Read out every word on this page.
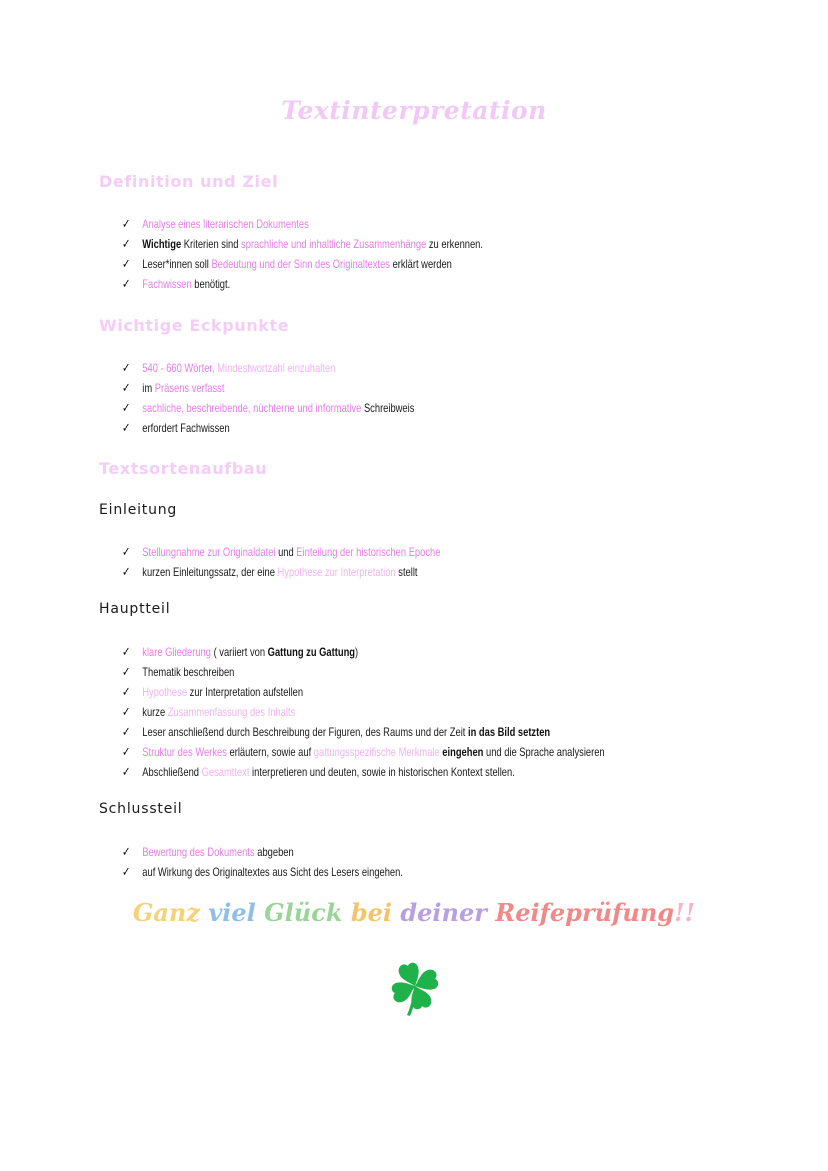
Textinterpretation
Definition und Ziel
✓ Analyse eines literarischen Dokumentes
✓ Wichtige Kriterien sind sprachliche und inhaltliche Zusammenhänge zu erkennen.
✓ Leser*innen soll Bedeutung und der Sinn des Originaltextes erklärt werden
✓ Fachwissen benötigt.
Wichtige Eckpunkte
✓ 540 - 660 Wörter, Mindestwortzahl einzuhalten
✓ im Präsens verfasst
✓ sachliche, beschreibende, nüchterne und informative Schreibweis
✓ erfordert Fachwissen
Textsortenaufbau
Einleitung
✓ Stellungnahme zur Originaldatei und Einteilung der historischen Epoche
✓ kurzen Einleitungssatz, der eine Hypothese zur Interpretation stellt
Hauptteil
✓ klare Gliederung ( variiert von Gattung zu Gattung)
✓ Thematik beschreiben
✓ Hypothese zur Interpretation aufstellen
✓ kurze Zusammenfassung des Inhalts
✓ Leser anschließend durch Beschreibung der Figuren, des Raums und der Zeit in das Bild setzten
✓ Struktur des Werkes erläutern, sowie auf gattungsspezifische Merkmale eingehen und die Sprache analysieren
✓ Abschließend Gesamttext interpretieren und deuten, sowie in historischen Kontext stellen.
Schlussteil
✓ Bewertung des Dokuments abgeben
✓ auf Wirkung des Originaltextes aus Sicht des Lesers eingehen.
Ganz viel Glück bei deiner Reifeprüfung!!
